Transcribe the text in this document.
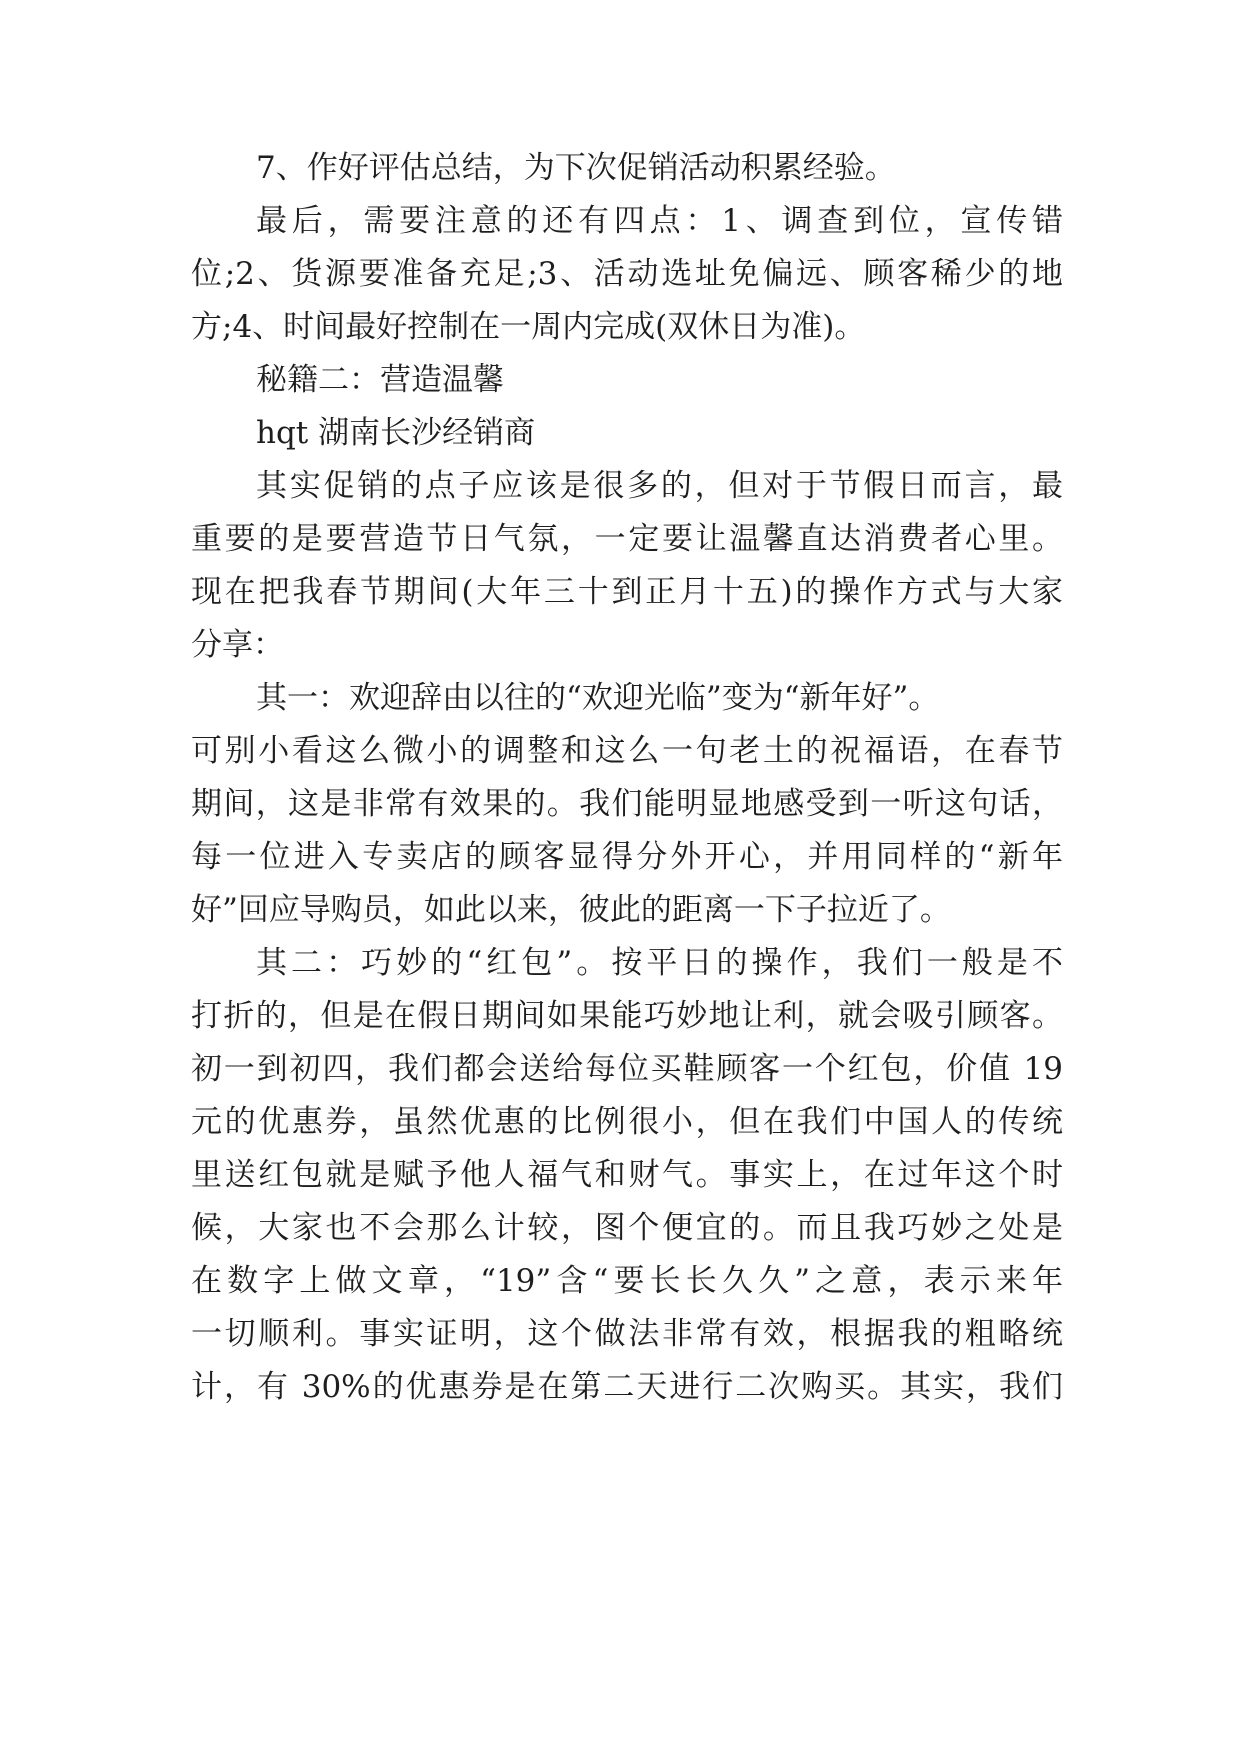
7、作好评估总结，为下次促销活动积累经验。

最后，需要注意的还有四点：1、调查到位，宣传错

位;2、货源要准备充足;3、活动选址免偏远、顾客稀少的地

方;4、时间最好控制在一周内完成(双休日为准)。

秘籍二：营造温馨

hqt 湖南长沙经销商

其实促销的点子应该是很多的，但对于节假日而言，最

重要的是要营造节日气氛，一定要让温馨直达消费者心里。

现在把我春节期间(大年三十到正月十五)的操作方式与大家

分享：

其一：欢迎辞由以往的“欢迎光临”变为“新年好”。

可别小看这么微小的调整和这么一句老土的祝福语，在春节

期间，这是非常有效果的。我们能明显地感受到一听这句话，

每一位进入专卖店的顾客显得分外开心，并用同样的“新年

好”回应导购员，如此以来，彼此的距离一下子拉近了。

其二：巧妙的“红包”。按平日的操作，我们一般是不

打折的，但是在假日期间如果能巧妙地让利，就会吸引顾客。

初一到初四，我们都会送给每位买鞋顾客一个红包，价值 19

元的优惠券，虽然优惠的比例很小，但在我们中国人的传统

里送红包就是赋予他人福气和财气。事实上，在过年这个时

候，大家也不会那么计较，图个便宜的。而且我巧妙之处是

在数字上做文章，“19”含“要长长久久”之意，表示来年

一切顺利。事实证明，这个做法非常有效，根据我的粗略统

计，有 30%的优惠券是在第二天进行二次购买。其实，我们
